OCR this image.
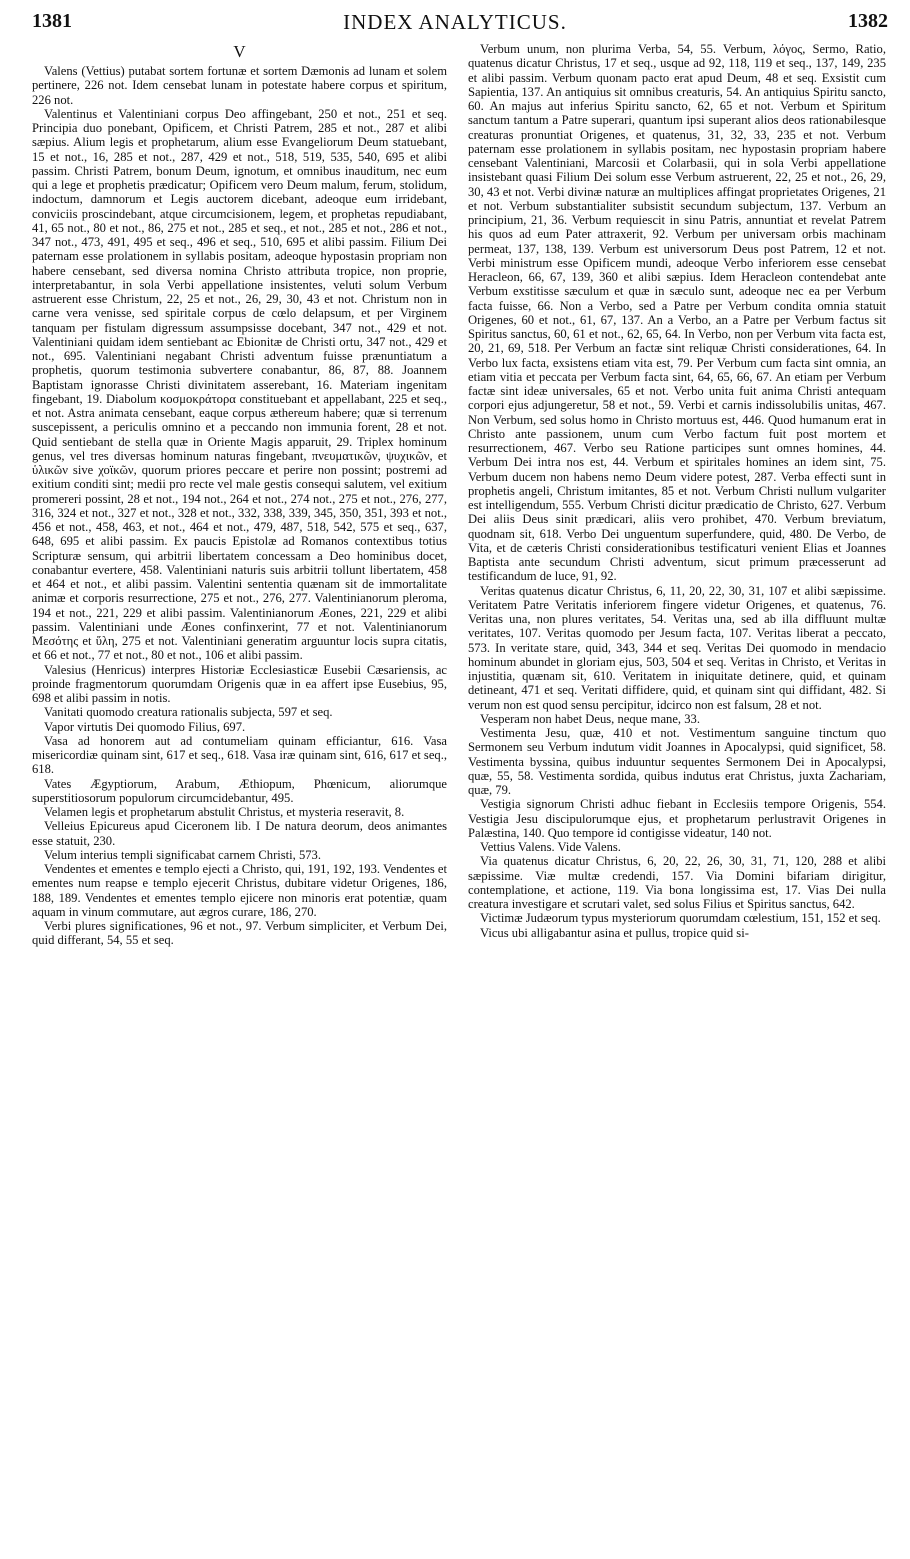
1381	INDEX ANALYTICUS.	1382
V

Valens (Vettius) putabat sortem fortunæ et sortem Dæmonis ad lunam et solem pertinere, 226 not. Idem censebat lunam in potestate habere corpus et spiritum, 226 not.

Valentinus et Valentiniani corpus Deo affingebant, 250 et not., 251 et seq. Principia duo ponebant, Opificem, et Christi Patrem, 285 et not., 287 et alibi sæpius. Alium legis et prophetarum, alium esse Evangeliorum Deum statuebant, 15 et not., 16, 285 et not., 287, 429 et not., 518, 519, 535, 540, 695 et alibi passim. Christi Patrem, bonum Deum, ignotum, et omnibus inauditum, nec eum qui a lege et prophetis prædicatur; Opificem vero Deum malum, ferum, stolidum, indoctum, damnorum et Legis auctorem dicebant, adeoque eum irridebant, conviciis proscindebant, atque circumcisionem, legem, et prophetas repudiabant, 41, 65 not., 80 et not., 86, 275 et not., 285 et seq., et not., 285 et not., 286 et not., 347 not., 473, 491, 495 et seq., 496 et seq., 510, 695 et alibi passim. Filium Dei paternam esse prolationem in syllabis positam, adeoque hypostasin propriam non habere censebant, sed diversa nomina Christo attributa tropice, non proprie, interpretabantur, in sola Verbi appellatione insistentes, veluti solum Verbum astruerent esse Christum, 22, 25 et not., 26, 29, 30, 43 et not. Christum non in carne vera venisse, sed spiritale corpus de cœlo delapsum, et per Virginem tanquam per fistulam digressum assumpsisse docebant, 347 not., 429 et not. Valentiniani quidam idem sentiebant ac Ebionitæ de Christi ortu, 347 not., 429 et not., 695. Valentiniani negabant Christi adventum fuisse prænuntiatum a prophetis, quorum testimonia subvertere conabantur, 86, 87, 88. Joannem Baptistam ignorasse Christi divinitatem asserebant, 16. Materiam ingenitam fingebant, 19. Diabolum κοσμοκράτορα constituebant et appellabant, 225 et seq., et not. Astra animata censebant, eaque corpus æthereum habere; quæ si terrenum suscepissent, a periculis omnino et a peccando non immunia forent, 28 et not. Quid sentiebant de stella quæ in Oriente Magis apparuit, 29. Triplex hominum genus, vel tres diversas hominum naturas fingebant, πνευματικῶν, ψυχικῶν, et ὑλικῶν sive χοϊκῶν, quorum priores peccare et perire non possint; postremi ad exitium conditi sint; medii pro recte vel male gestis consequi salutem, vel exitium promereri possint, 28 et not., 194 not., 264 et not., 274 not., 275 et not., 276, 277, 316, 324 et not., 327 et not., 328 et not., 332, 338, 339, 345, 350, 351, 393 et not., 456 et not., 458, 463, et not., 464 et not., 479, 487, 518, 542, 575 et seq., 637, 648, 695 et alibi passim. Ex paucis Epistolæ ad Romanos contextibus totius Scripturæ sensum, qui arbitrii libertatem concessam a Deo hominibus docet, conabantur evertere, 458. Valentiniani naturis suis arbitrii tollunt libertatem, 458 et 464 et not., et alibi passim. Valentini sententia quænam sit de immortalitate animæ et corporis resurrectione, 275 et not., 276, 277. Valentinianorum pleroma, 194 et not., 221, 229 et alibi passim. Valentinianorum Æones, 221, 229 et alibi passim. Valentiniani unde Æones confinxerint, 77 et not. Valentinianorum Μεσότης et ὕλη, 275 et not. Valentiniani generatim arguuntur locis supra citatis, et 66 et not., 77 et not., 80 et not., 106 et alibi passim.

Valesius (Henricus) interpres Historiæ Ecclesiasticæ Eusebii Cæsariensis, ac proinde fragmentorum quorumdam Origenis quæ in ea affert ipse Eusebius, 95, 698 et alibi passim in notis.

Vanitati quomodo creatura rationalis subjecta, 597 et seq.

Vapor virtutis Dei quomodo Filius, 697.

Vasa ad honorem aut ad contumeliam quinam efficiantur, 616. Vasa misericordiæ quinam sint, 617 et seq., 618. Vasa iræ quinam sint, 616, 617 et seq., 618.

Vates Ægyptiorum, Arabum, Æthiopum, Phœnicum, aliorumque superstitiosorum populorum circumcidebantur, 495.

Velamen legis et prophetarum abstulit Christus, et mysteria reseravit, 8.

Velleius Epicureus apud Ciceronem lib. I De natura deorum, deos animantes esse statuit, 230.

Velum interius templi significabat carnem Christi, 573.

Vendentes et ementes e templo ejecti a Christo, qui, 191, 192, 193. Vendentes et ementes num reapse e templo ejecerit Christus, dubitare videtur Origenes, 186, 188, 189. Vendentes et ementes templo ejicere non minoris erat potentiæ, quam aquam in vinum commutare, aut ægros curare, 186, 270.

Verbi plures significationes, 96 et not., 97. Verbum simpliciter, et Verbum Dei, quid differant, 54, 55 et seq.

Verbum unum, non plurima Verba, 54, 55. Verbum, λόγος, Sermo, Ratio, quatenus dicatur Christus, 17 et seq., usque ad 92, 118, 119 et seq., 137, 149, 235 et alibi passim. Verbum quonam pacto erat apud Deum, 48 et seq. Exsistit cum Sapientia, 137. An antiquius sit omnibus creaturis, 54. An antiquius Spiritu sancto, 60. An majus aut inferius Spiritu sancto, 62, 65 et not. Verbum et Spiritum sanctum tantum a Patre superari, quantum ipsi superant alios deos rationabilesque creaturas pronuntiat Origenes, et quatenus, 31, 32, 33, 235 et not. Verbum paternam esse prolationem in syllabis positam, nec hypostasin propriam habere censebant Valentiniani, Marcosii et Colarbasii, qui in sola Verbi appellatione insistebant quasi Filium Dei solum esse Verbum astruerent, 22, 25 et not., 26, 29, 30, 43 et not. Verbi divinæ naturæ an multiplices affingat proprietates Origenes, 21 et not. Verbum substantialiter subsistit secundum subjectum, 137. Verbum an principium, 21, 36. Verbum requiescit in sinu Patris, annuntiat et revelat Patrem his quos ad eum Pater attraxerit, 92. Verbum per universam orbis machinam permeat, 137, 138, 139. Verbum est universorum Deus post Patrem, 12 et not. Verbi ministrum esse Opificem mundi, adeoque Verbo inferiorem esse censebat Heracleon, 66, 67, 139, 360 et alibi sæpius. Idem Heracleon contendebat ante Verbum exstitisse sæculum et quæ in sæculo sunt, adeoque nec ea per Verbum facta fuisse, 66. Non a Verbo, sed a Patre per Verbum condita omnia statuit Origenes, 60 et not., 61, 67, 137. An a Verbo, an a Patre per Verbum factus sit Spiritus sanctus, 60, 61 et not., 62, 65, 64. In Verbo, non per Verbum vita facta est, 20, 21, 69, 518. Per Verbum an factæ sint reliquæ Christi considerationes, 64. In Verbo lux facta, exsistens etiam vita est, 79. Per Verbum cum facta sint omnia, an etiam vitia et peccata per Verbum facta sint, 64, 65, 66, 67. An etiam per Verbum factæ sint ideæ universales, 65 et not. Verbo unita fuit anima Christi antequam corpori ejus adjungeretur, 58 et not., 59. Verbi et carnis indissolubilis unitas, 467. Non Verbum, sed solus homo in Christo mortuus est, 446. Quod humanum erat in Christo ante passionem, unum cum Verbo factum fuit post mortem et resurrectionem, 467. Verbo seu Ratione participes sunt omnes homines, 44. Verbum Dei intra nos est, 44. Verbum et spiritales homines an idem sint, 75. Verbum ducem non habens nemo Deum videre potest, 287. Verba effecti sunt in prophetis angeli, Christum imitantes, 85 et not. Verbum Christi nullum vulgariter est intelligendum, 555. Verbum Christi dicitur prædicatio de Christo, 627. Verbum Dei aliis Deus sinit prædicari, aliis vero prohibet, 470. Verbum breviatum, quodnam sit, 618. Verbo Dei unguentum superfundere, quid, 480. De Verbo, de Vita, et de cæteris Christi considerationibus testificaturi venient Elias et Joannes Baptista ante secundum Christi adventum, sicut primum præcesserunt ad testificandum de luce, 91, 92.

Veritas quatenus dicatur Christus, 6, 11, 20, 22, 30, 31, 107 et alibi sæpissime. Veritatem Patre Veritatis inferiorem fingere videtur Origenes, et quatenus, 76. Veritas una, non plures veritates, 54. Veritas una, sed ab illa diffluunt multæ veritates, 107. Veritas quomodo per Jesum facta, 107. Veritas liberat a peccato, 573. In veritate stare, quid, 343, 344 et seq. Veritas Dei quomodo in mendacio hominum abundet in gloriam ejus, 503, 504 et seq. Veritas in Christo, et Veritas in injustitia, quænam sit, 610. Veritatem in iniquitate detinere, quid, et quinam detineant, 471 et seq. Veritati diffidere, quid, et quinam sint qui diffidant, 482. Si verum non est quod sensu percipitur, idcirco non est falsum, 28 et not.

Vesperam non habet Deus, neque mane, 33.

Vestimenta Jesu, quæ, 410 et not. Vestimentum sanguine tinctum quo Sermonem seu Verbum indutum vidit Joannes in Apocalypsi, quid significet, 58. Vestimenta byssina, quibus induuntur sequentes Sermonem Dei in Apocalypsi, quæ, 55, 58. Vestimenta sordida, quibus indutus erat Christus, juxta Zachariam, quæ, 79.

Vestigia signorum Christi adhuc fiebant in Ecclesiis tempore Origenis, 554. Vestigia Jesu discipulorumque ejus, et prophetarum perlustravit Origenes in Palæstina, 140. Quo tempore id contigisse videatur, 140 not.

Vettius Valens. Vide Valens.

Via quatenus dicatur Christus, 6, 20, 22, 26, 30, 31, 71, 120, 288 et alibi sæpissime. Viæ multæ credendi, 157. Via Domini bifariam dirigitur, contemplatione, et actione, 119. Via bona longissima est, 17. Vias Dei nulla creatura investigare et scrutari valet, sed solus Filius et Spiritus sanctus, 642.

Victimæ Judæorum typus mysteriorum quorumdam cœlestium, 151, 152 et seq.

Vicus ubi alligabantur asina et pullus, tropice quid si-
